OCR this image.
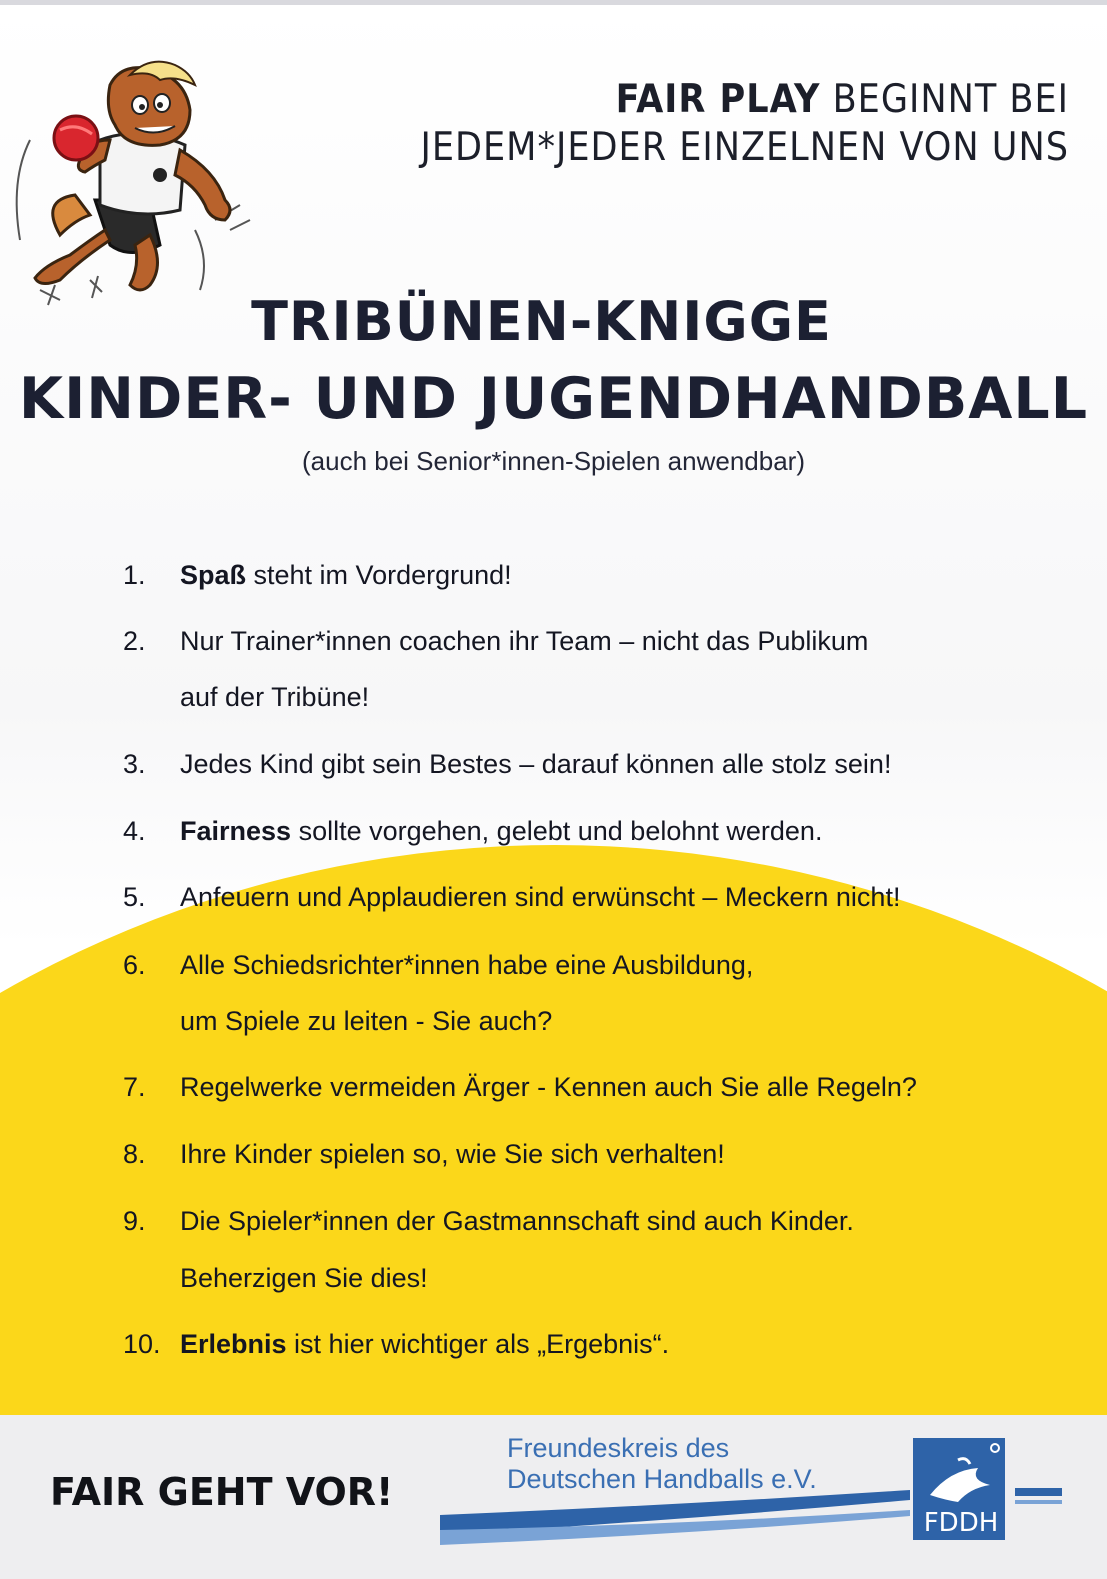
FAIR PLAY BEGINNT BEI
JEDEM*JEDER EINZELNEN VON UNS
TRIBÜNEN-KNIGGE
KINDER- UND JUGENDHANDBALL
(auch bei Senior*innen-Spielen anwendbar)
1. Spaß steht im Vordergrund!
2. Nur Trainer*innen coachen ihr Team – nicht das Publikum
auf der Tribüne!
3. Jedes Kind gibt sein Bestes – darauf können alle stolz sein!
4. Fairness sollte vorgehen, gelebt und belohnt werden.
5. Anfeuern und Applaudieren sind erwünscht – Meckern nicht!
6. Alle Schiedsrichter*innen habe eine Ausbildung,
um Spiele zu leiten - Sie auch?
7. Regelwerke vermeiden Ärger - Kennen auch Sie alle Regeln?
8. Ihre Kinder spielen so, wie Sie sich verhalten!
9. Die Spieler*innen der Gastmannschaft sind auch Kinder.
Beherzigen Sie dies!
10. Erlebnis ist hier wichtiger als „Ergebnis“.
FAIR GEHT VOR!
Freundeskreis des
Deutschen Handballs e.V.
FDDH
